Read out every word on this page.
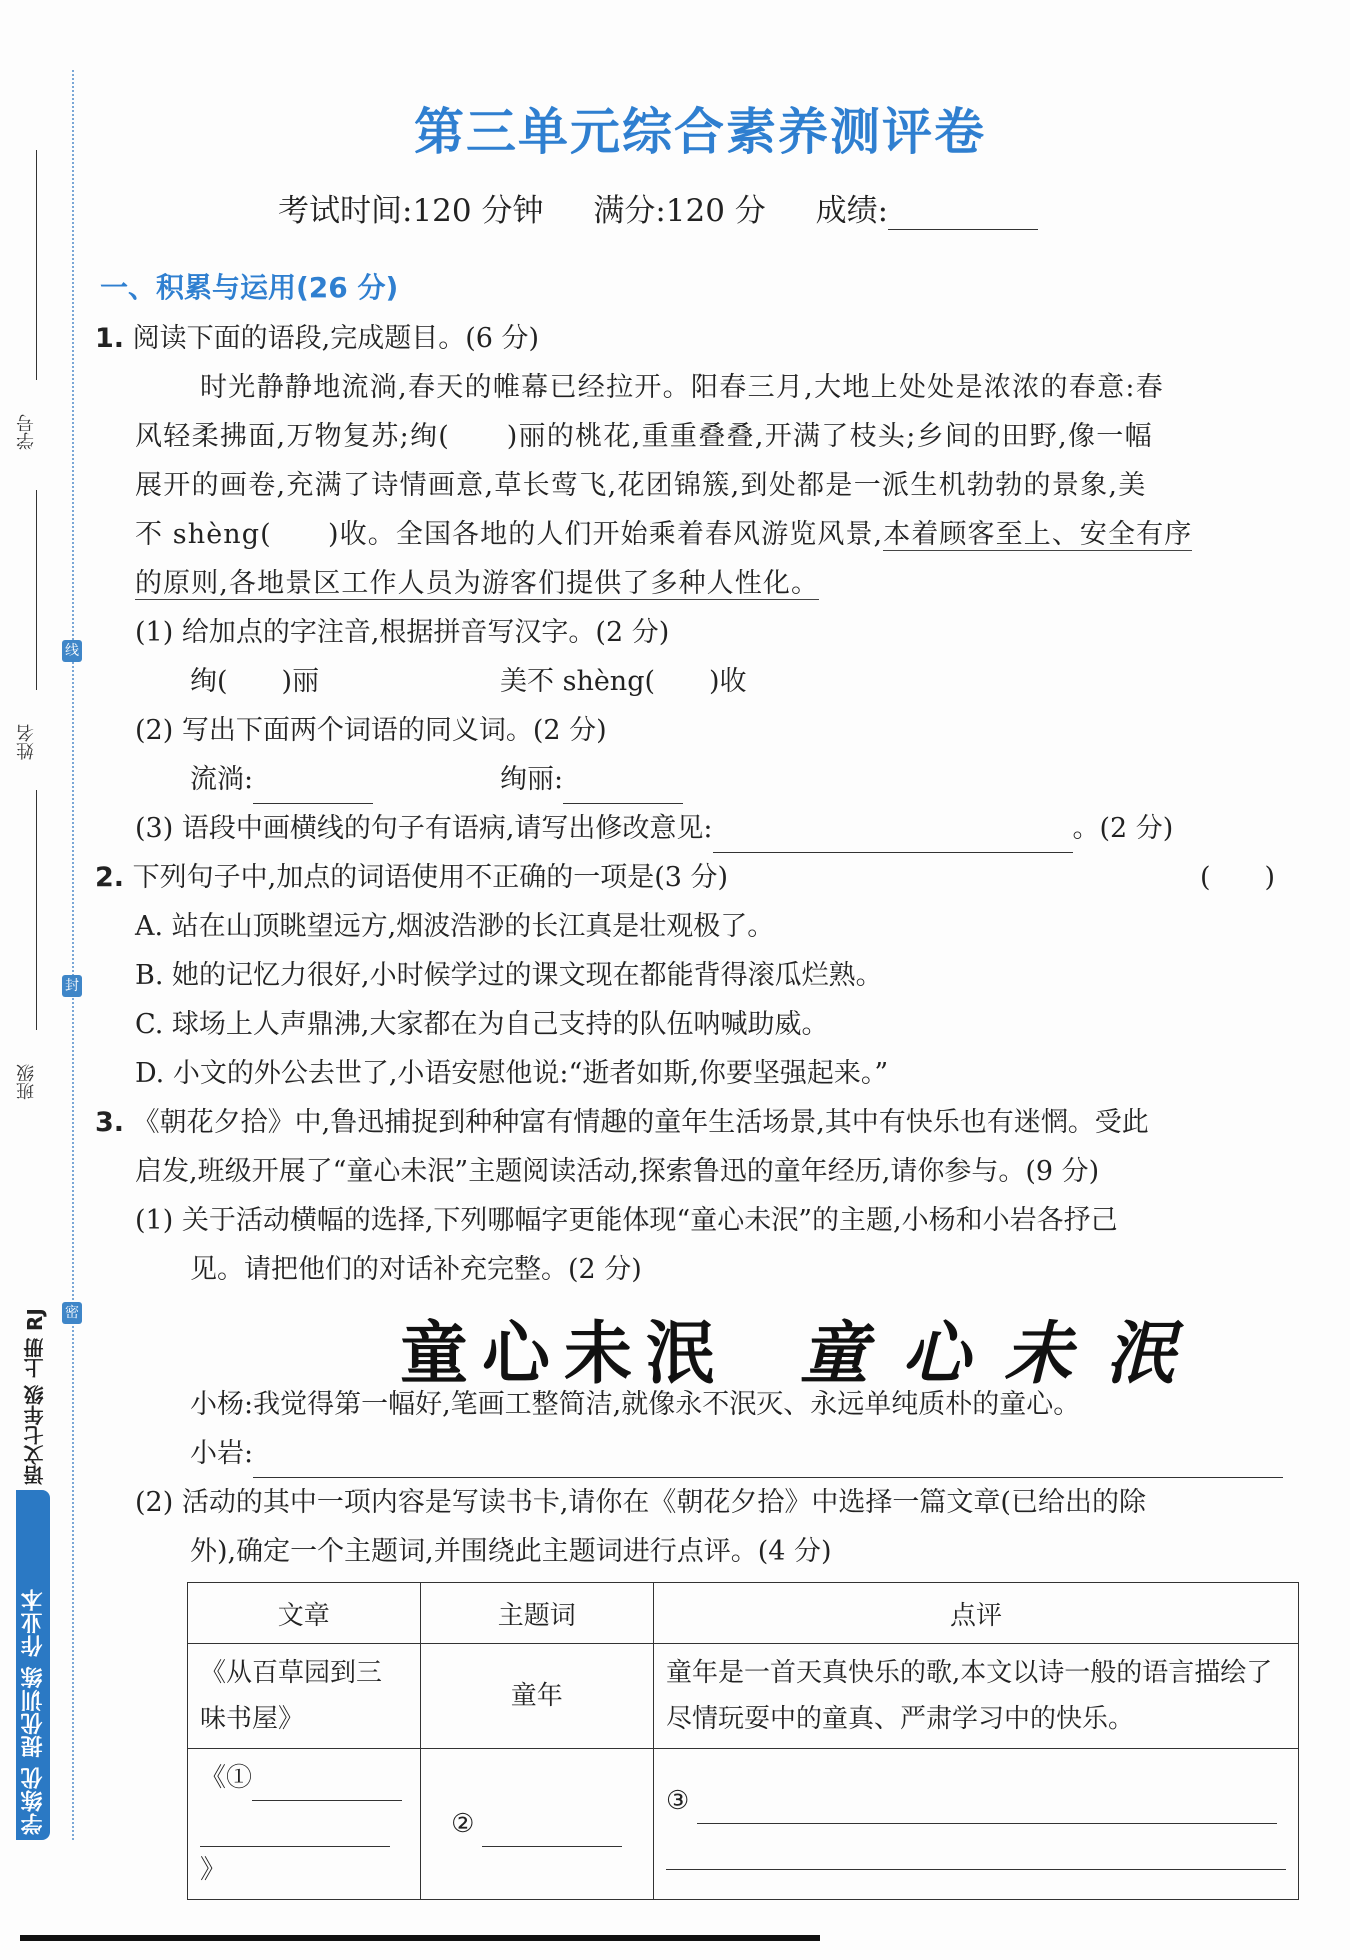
线
封
密
学号
姓名
班级
语文七年级 上册 RJ
学练优 提优训练 作业本
第三单元综合素养测评卷
考试时间:120 分钟 满分:120 分 成绩:
一、积累与运用(26 分)
1. 阅读下面的语段,完成题目。(6 分)
时光静静地流淌,春天的帷幕已经拉开。阳春三月,大地上处处是浓浓的春意:春
风轻柔拂面,万物复苏;绚(　　)丽的桃花,重重叠叠,开满了枝头;乡间的田野,像一幅
展开的画卷,充满了诗情画意,草长莺飞,花团锦簇,到处都是一派生机勃勃的景象,美
不 shèng(　　)收。全国各地的人们开始乘着春风游览风景,本着顾客至上、安全有序
的原则,各地景区工作人员为游客们提供了多种人性化。
(1) 给加点的字注音,根据拼音写汉字。(2 分)
绚(　　)丽	美不 shèng(　　)收
(2) 写出下面两个词语的同义词。(2 分)
流淌:	绚丽:
(3) 语段中画横线的句子有语病,请写出修改意见:	。(2 分)
2. 下列句子中,加点的词语使用不正确的一项是(3 分)	(　　)
A. 站在山顶眺望远方,烟波浩渺的长江真是壮观极了。
B. 她的记忆力很好,小时候学过的课文现在都能背得滚瓜烂熟。
C. 球场上人声鼎沸,大家都在为自己支持的队伍呐喊助威。
D. 小文的外公去世了,小语安慰他说:“逝者如斯,你要坚强起来。”
3. 《朝花夕拾》中,鲁迅捕捉到种种富有情趣的童年生活场景,其中有快乐也有迷惘。受此
启发,班级开展了“童心未泯”主题阅读活动,探索鲁迅的童年经历,请你参与。(9 分)
(1) 关于活动横幅的选择,下列哪幅字更能体现“童心未泯”的主题,小杨和小岩各抒己
见。请把他们的对话补充完整。(2 分)
童心未泯 童心未泯
小杨:我觉得第一幅好,笔画工整简洁,就像永不泯灭、永远单纯质朴的童心。
小岩:
(2) 活动的其中一项内容是写读书卡,请你在《朝花夕拾》中选择一篇文章(已给出的除
外),确定一个主题词,并围绕此主题词进行点评。(4 分)
文章	主题词	点评
《从百草园到三味书屋》	童年	童年是一首天真快乐的歌,本文以诗一般的语言描绘了尽情玩耍中的童真、严肃学习中的快乐。

《①
》	②	③
